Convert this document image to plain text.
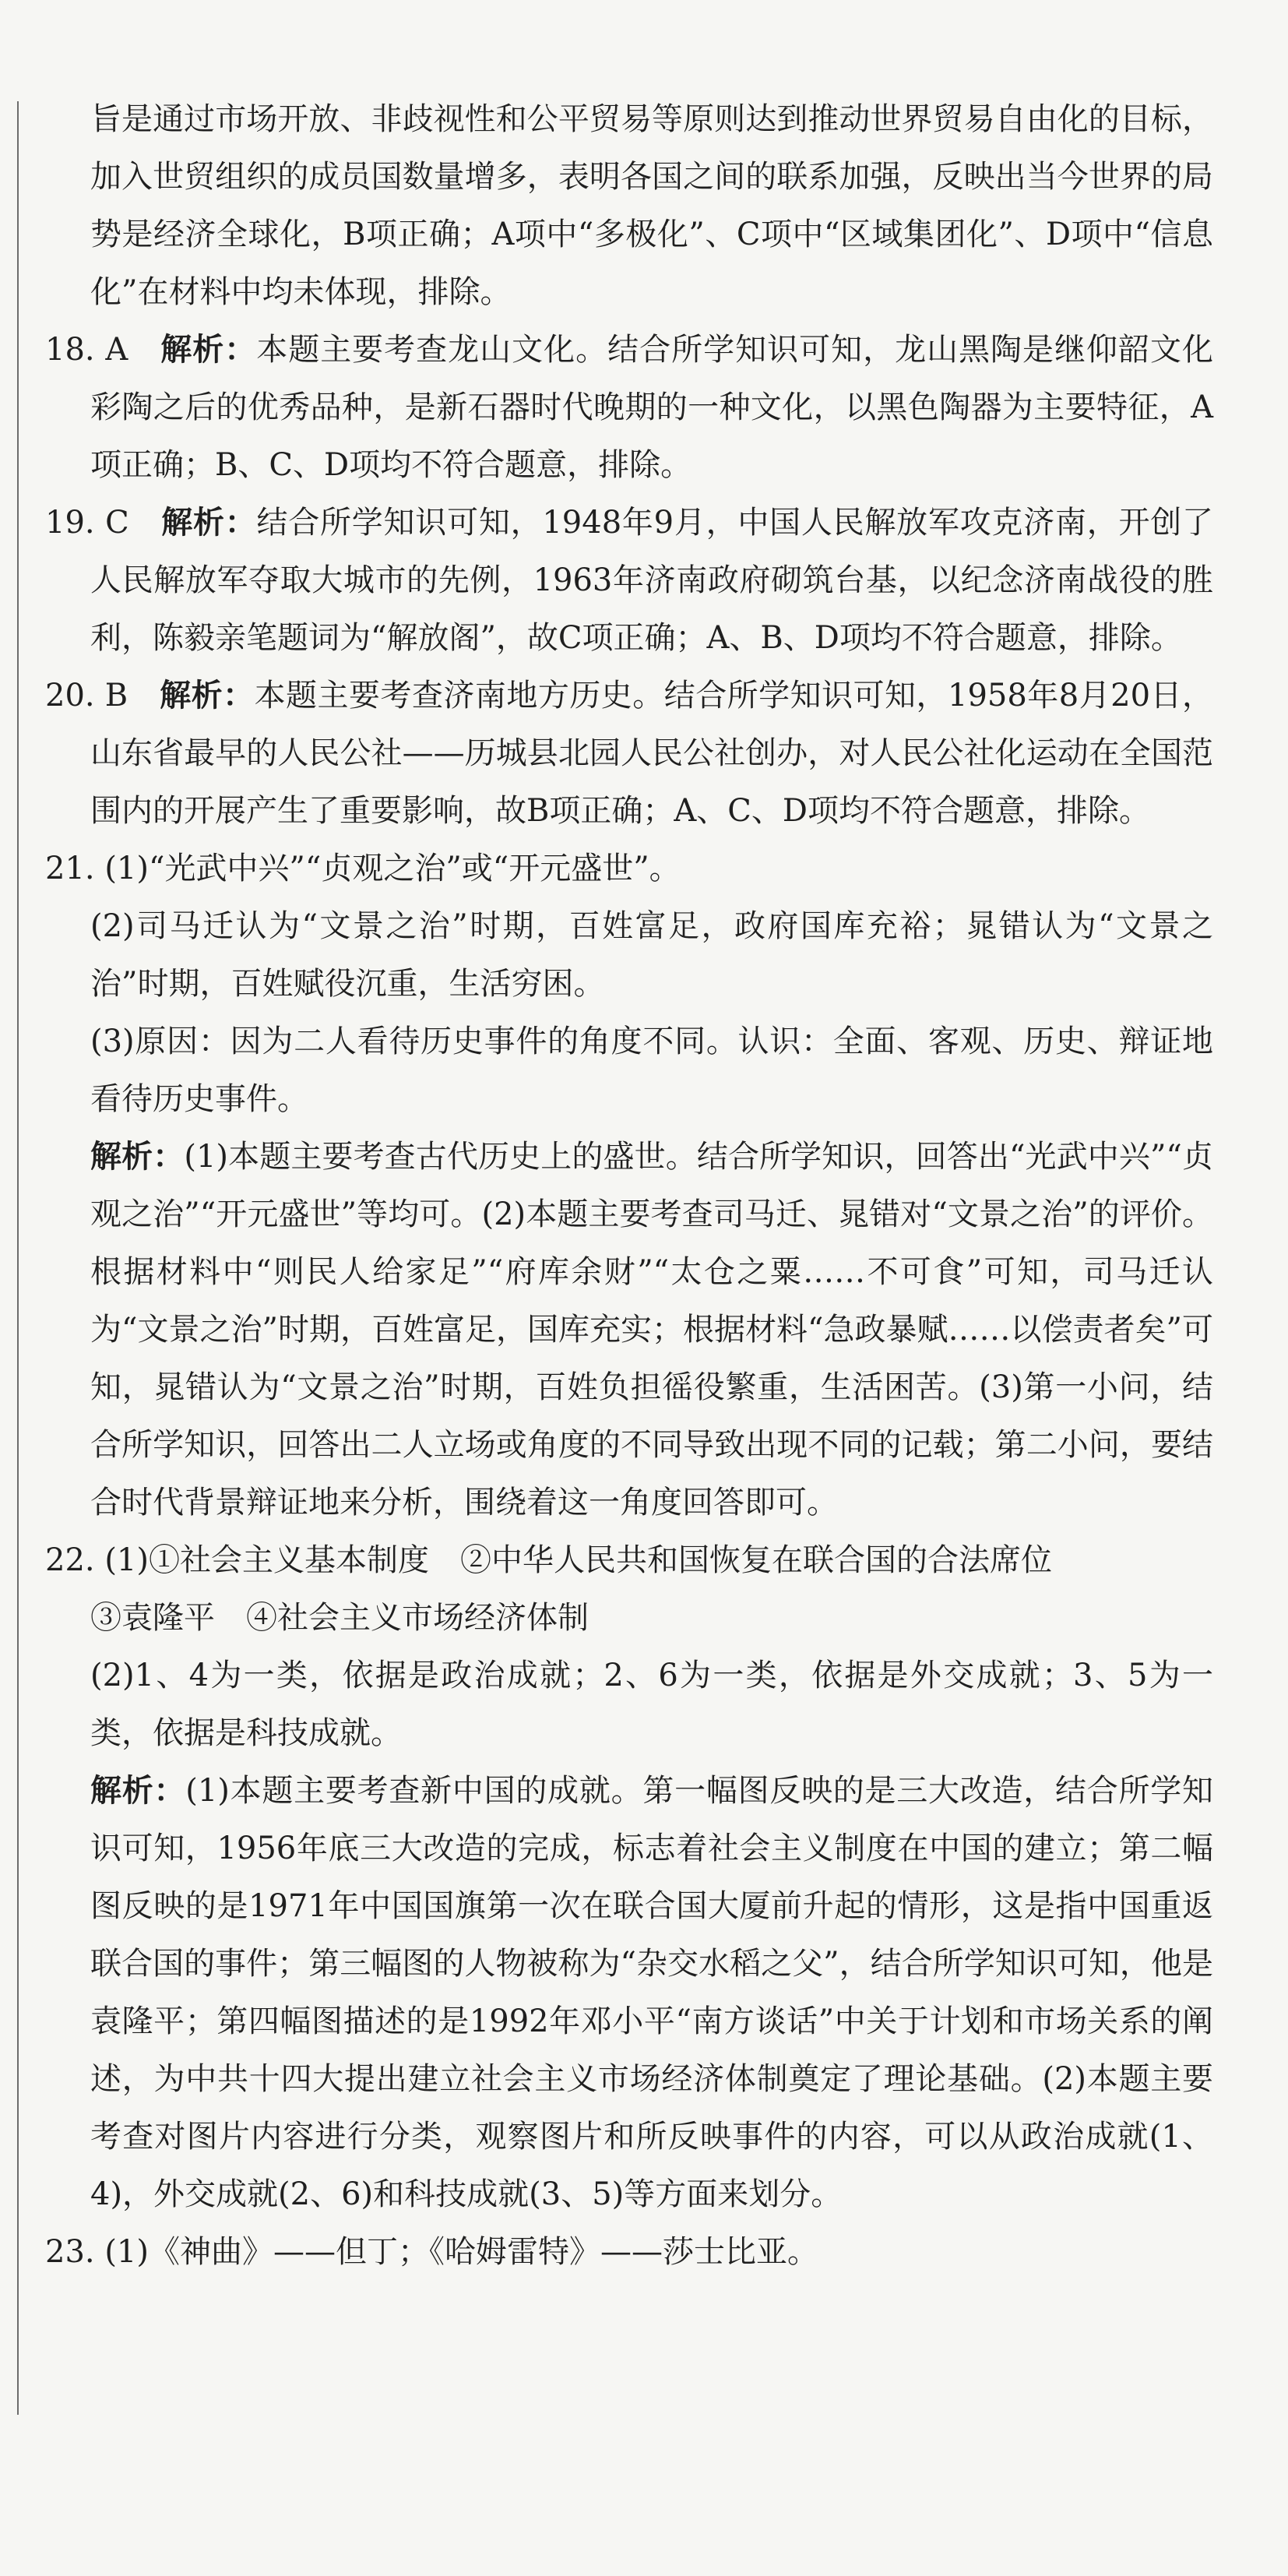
旨是通过市场开放、非歧视性和公平贸易等原则达到推动世界贸易自由化的目标，加入世贸组织的成员国数量增多，表明各国之间的联系加强，反映出当今世界的局势是经济全球化，B项正确；A项中“多极化”、C项中“区域集团化”、D项中“信息化”在材料中均未体现，排除。

18. A　 解析：本题主要考查龙山文化。结合所学知识可知，龙山黑陶是继仰韶文化彩陶之后的优秀品种，是新石器时代晚期的一种文化，以黑色陶器为主要特征，A项正确；B、C、D项均不符合题意，排除。

19. C　 解析：结合所学知识可知，1948年9月，中国人民解放军攻克济南，开创了人民解放军夺取大城市的先例，1963年济南政府砌筑台基，以纪念济南战役的胜利，陈毅亲笔题词为“解放阁”，故C项正确；A、B、D项均不符合题意，排除。

20. B　 解析：本题主要考查济南地方历史。结合所学知识可知，1958年8月20日，山东省最早的人民公社——历城县北园人民公社创办，对人民公社化运动在全国范围内的开展产生了重要影响，故B项正确；A、C、D项均不符合题意，排除。

21. (1)“光武中兴”“贞观之治”或“开元盛世”。

(2)司马迁认为“文景之治”时期，百姓富足，政府国库充裕；晁错认为“文景之治”时期，百姓赋役沉重，生活穷困。

(3)原因：因为二人看待历史事件的角度不同。认识：全面、客观、历史、辩证地看待历史事件。

解析：(1)本题主要考查古代历史上的盛世。结合所学知识，回答出“光武中兴”“贞观之治”“开元盛世”等均可。(2)本题主要考查司马迁、晁错对“文景之治”的评价。根据材料中“则民人给家足”“府库余财”“太仓之粟……不可食”可知，司马迁认为“文景之治”时期，百姓富足，国库充实；根据材料“急政暴赋……以偿责者矣”可知，晁错认为“文景之治”时期，百姓负担徭役繁重，生活困苦。(3)第一小问，结合所学知识，回答出二人立场或角度的不同导致出现不同的记载；第二小问，要结合时代背景辩证地来分析，围绕着这一角度回答即可。

22. (1)①社会主义基本制度　②中华人民共和国恢复在联合国的合法席位

③袁隆平　④社会主义市场经济体制

(2)1、4为一类，依据是政治成就；2、6为一类，依据是外交成就；3、5为一类，依据是科技成就。

解析：(1)本题主要考查新中国的成就。第一幅图反映的是三大改造，结合所学知识可知，1956年底三大改造的完成，标志着社会主义制度在中国的建立；第二幅图反映的是1971年中国国旗第一次在联合国大厦前升起的情形，这是指中国重返联合国的事件；第三幅图的人物被称为“杂交水稻之父”，结合所学知识可知，他是袁隆平；第四幅图描述的是1992年邓小平“南方谈话”中关于计划和市场关系的阐述，为中共十四大提出建立社会主义市场经济体制奠定了理论基础。(2)本题主要考查对图片内容进行分类，观察图片和所反映事件的内容，可以从政治成就(1、4)，外交成就(2、6)和科技成就(3、5)等方面来划分。

23. (1)《神曲》——但丁；《哈姆雷特》——莎士比亚。
